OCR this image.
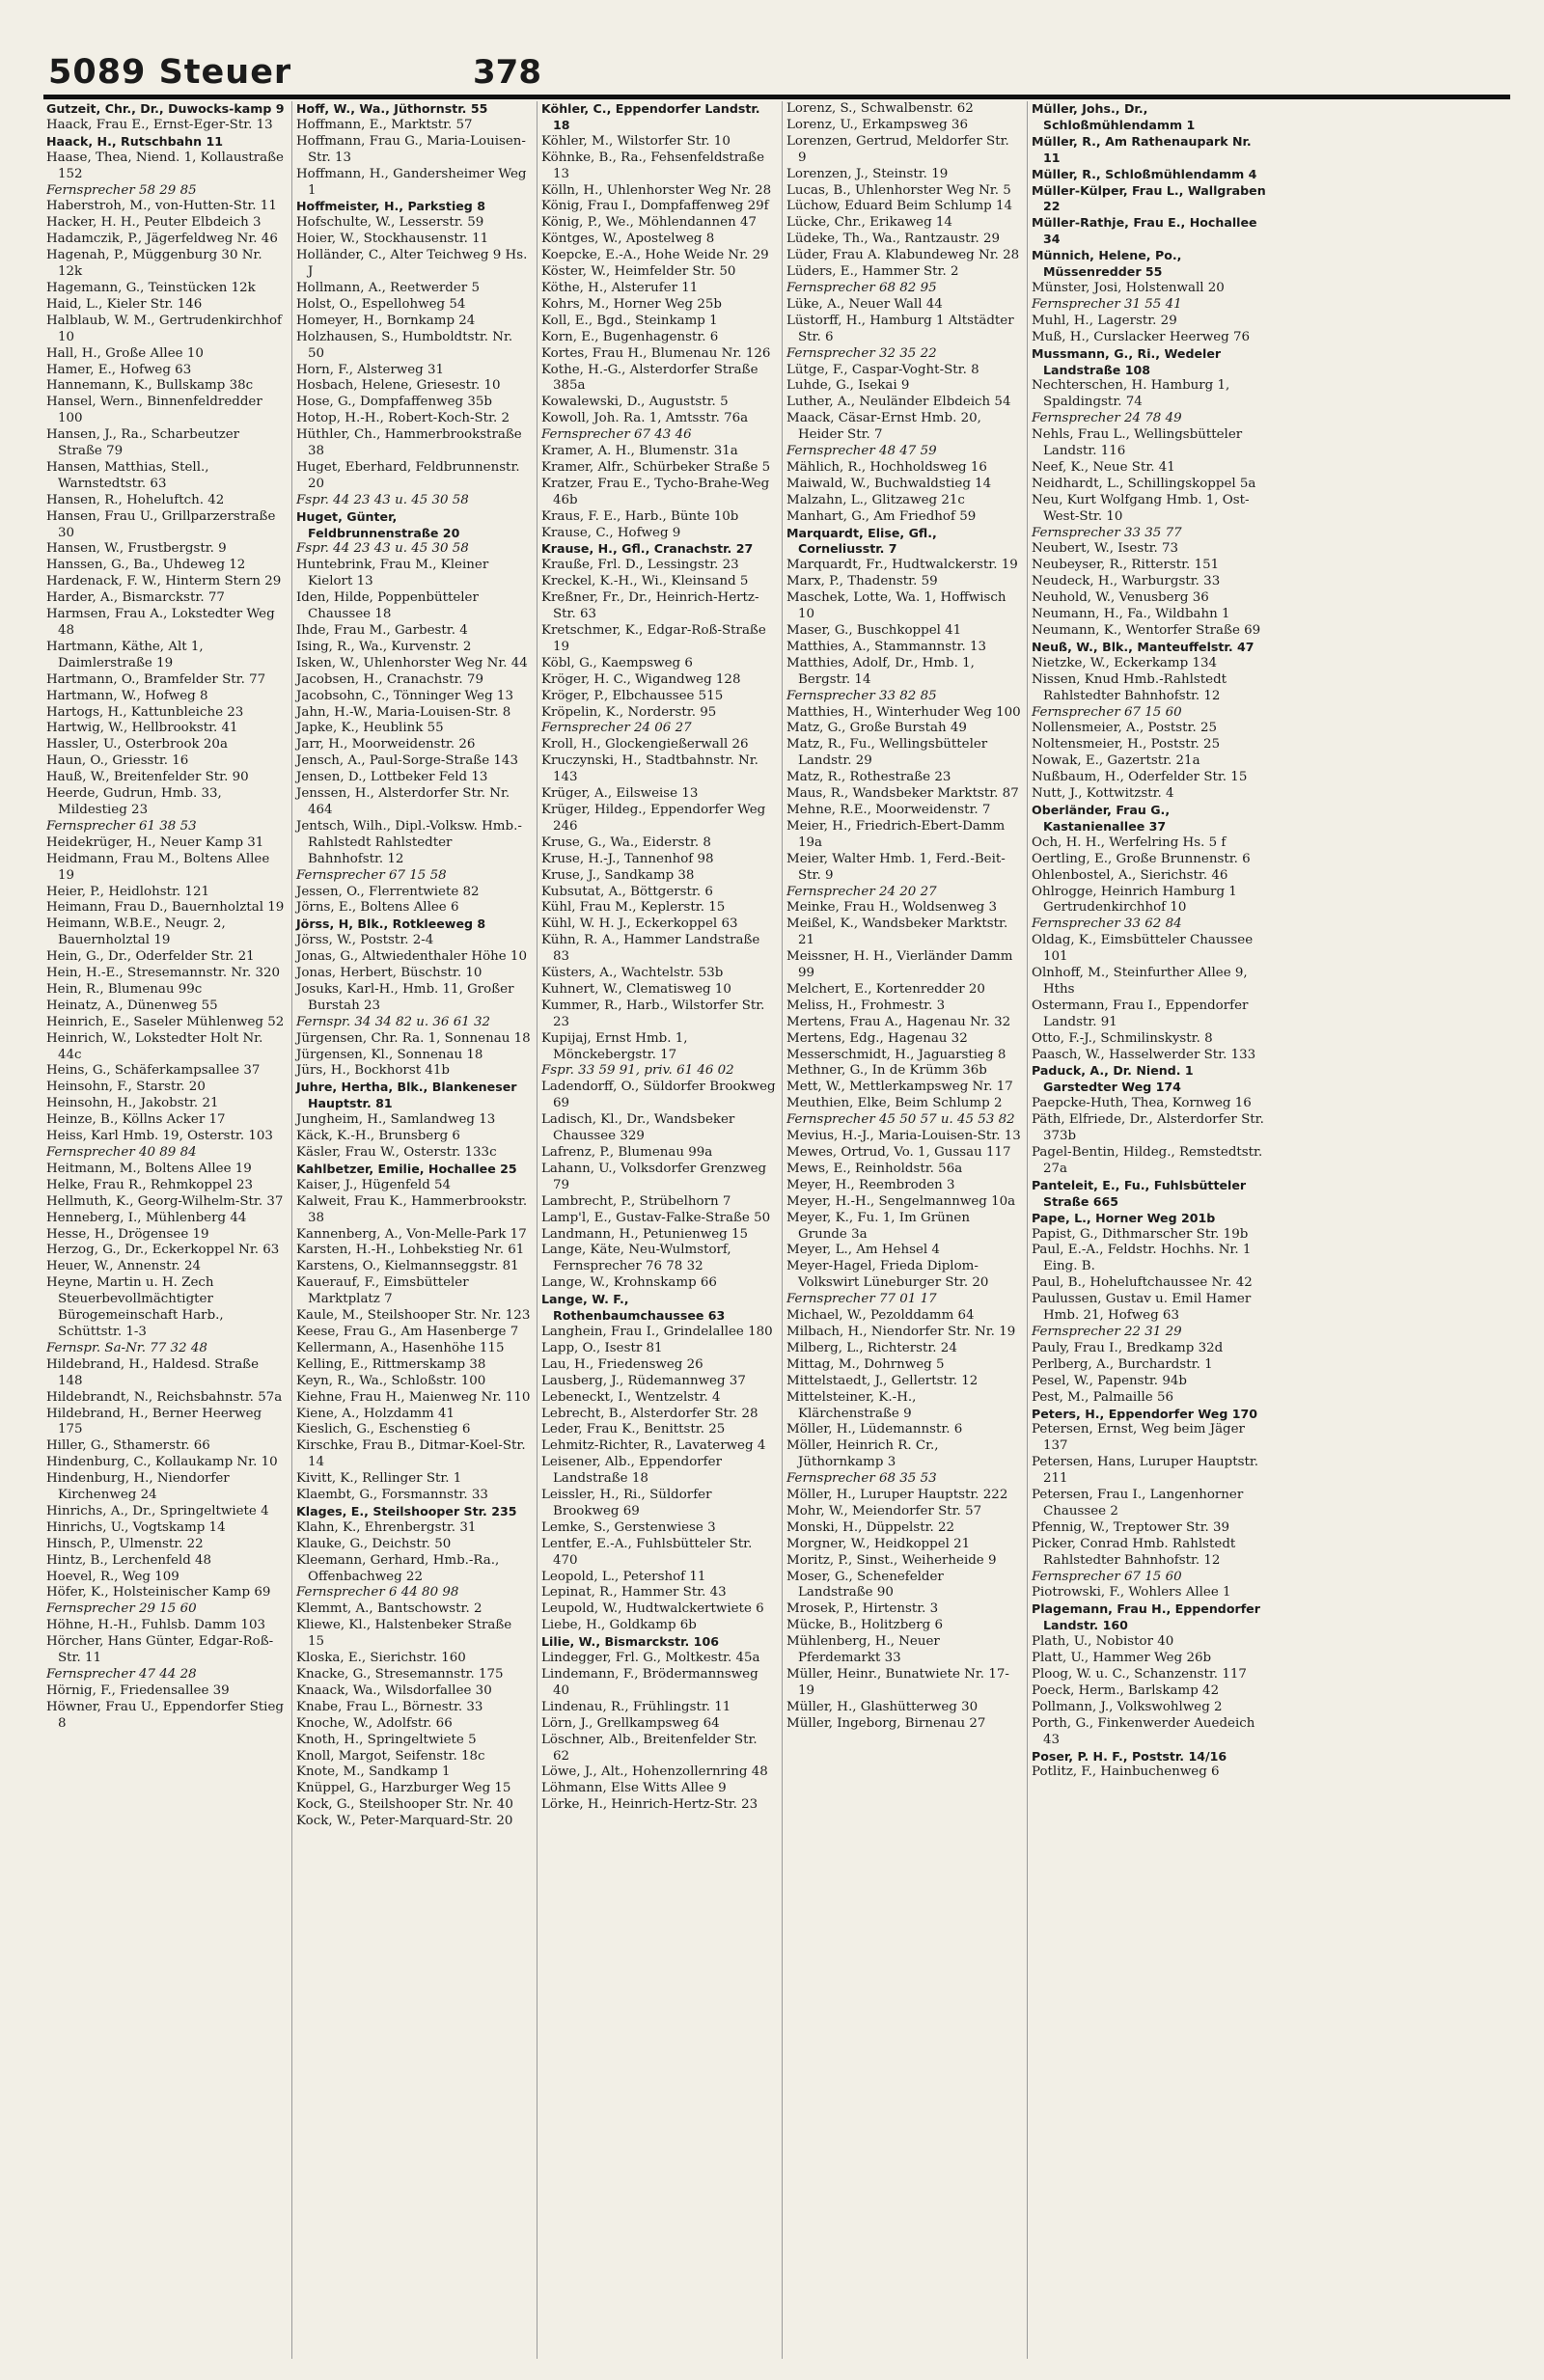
5089 Steuer	378
Gutzeit, Chr., Dr., Duwocks-kamp 9
Haack, Frau E., Ernst-Eger-Str. 13
Haack, H., Rutschbahn 11
Haase, Thea, Niend. 1, Kollaustraße 152
Fernsprecher 58 29 85
Haberstroh, M., von-Hutten-Str. 11
Hacker, H. H., Peuter Elbdeich 3
Hadamczik, P., Jägerfeldweg Nr. 46
Hagenah, P., Müggenburg 30 Nr. 12k
Hagemann, G., Teinstücken 12k
Haid, L., Kieler Str. 146
Halblaub, W. M., Gertrudenkirchhof 10
Hall, H., Große Allee 10
Hamer, E., Hofweg 63
Hannemann, K., Bullskamp 38c
Hansel, Wern., Binnenfeldredder 100
Hansen, J., Ra., Scharbeutzer Straße 79
Hansen, Matthias, Stell., Warnstedtstr. 63
Hansen, R., Hoheluftch. 42
Hansen, Frau U., Grillparzerstraße 30
Hansen, W., Frustbergstr. 9
Hanssen, G., Ba., Uhdeweg 12
Hardenack, F. W., Hinterm Stern 29
Harder, A., Bismarckstr. 77
Harmsen, Frau A., Lokstedter Weg 48
Hartmann, Käthe, Alt 1, Daimlerstraße 19
Hartmann, O., Bramfelder Str. 77
Hartmann, W., Hofweg 8
Hartogs, H., Kattunbleiche 23
Hartwig, W., Hellbrookstr. 41
Hassler, U., Osterbrook 20a
Haun, O., Griesstr. 16
Hauß, W., Breitenfelder Str. 90
Heerde, Gudrun, Hmb. 33, Mildestieg 23
Fernsprecher 61 38 53
Heidekrüger, H., Neuer Kamp 31
Heidmann, Frau M., Boltens Allee 19
Heier, P., Heidlohstr. 121
Heimann, Frau D., Bauernholztal 19
Heimann, W.B.E., Neugr. 2, Bauernholztal 19
Hein, G., Dr., Oderfelder Str. 21
Hein, H.-E., Stresemannstr. Nr. 320
Hein, R., Blumenau 99c
Heinatz, A., Dünenweg 55
Heinrich, E., Saseler Mühlenweg 52
Heinrich, W., Lokstedter Holt Nr. 44c
Heins, G., Schäferkampsallee 37
Heinsohn, F., Starstr. 20
Heinsohn, H., Jakobstr. 21
Heinze, B., Köllns Acker 17
Heiss, Karl Hmb. 19, Osterstr. 103
Fernsprecher 40 89 84
Heitmann, M., Boltens Allee 19
Helke, Frau R., Rehmkoppel 23
Hellmuth, K., Georg-Wilhelm-Str. 37
Henneberg, I., Mühlenberg 44
Hesse, H., Drögensee 19
Herzog, G., Dr., Eckerkoppel Nr. 63
Heuer, W., Annenstr. 24
Heyne, Martin u. H. Zech Steuerbevollmächtigter Bürogemeinschaft Harb., Schüttstr. 1-3
Fernspr. Sa-Nr. 77 32 48
Hildebrand, H., Haldesd. Straße 148
Hildebrandt, N., Reichsbahnstr. 57a
Hildebrand, H., Berner Heerweg 175
Hiller, G., Sthamerstr. 66
Hindenburg, C., Kollaukamp Nr. 10
Hindenburg, H., Niendorfer Kirchenweg 24
Hinrichs, A., Dr., Springeltwiete 4
Hinrichs, U., Vogtskamp 14
Hinsch, P., Ulmenstr. 22
Hintz, B., Lerchenfeld 48
Hoevel, R., Weg 109
Höfer, K., Holsteinischer Kamp 69
Fernsprecher 29 15 60
Höhne, H.-H., Fuhlsb. Damm 103
Hörcher, Hans Günter, Edgar-Roß-Str. 11
Fernsprecher 47 44 28
Hörnig, F., Friedensallee 39
Höwner, Frau U., Eppendorfer Stieg 8
Hoff, W., Wa., Jüthornstr. 55
Hoffmann, E., Marktstr. 57
Hoffmann, Frau G., Maria-Louisen-Str. 13
Hoffmann, H., Gandersheimer Weg 1
Hoffmeister, H., Parkstieg 8
Hofschulte, W., Lesserstr. 59
Hoier, W., Stockhausenstr. 11
Holländer, C., Alter Teichweg 9 Hs. J
Hollmann, A., Reetwerder 5
Holst, O., Espellohweg 54
Homeyer, H., Bornkamp 24
Holzhausen, S., Humboldtstr. Nr. 50
Horn, F., Alsterweg 31
Hosbach, Helene, Griesestr. 10
Hose, G., Dompfaffenweg 35b
Hotop, H.-H., Robert-Koch-Str. 2
Hüthler, Ch., Hammerbrookstraße 38
Huget, Eberhard, Feldbrunnenstr. 20
Fspr. 44 23 43 u. 45 30 58
Huget, Günter, Feldbrunnenstraße 20
Fspr. 44 23 43 u. 45 30 58
Huntebrink, Frau M., Kleiner Kielort 13
Iden, Hilde, Poppenbütteler Chaussee 18
Ihde, Frau M., Garbestr. 4
Ising, R., Wa., Kurvenstr. 2
Isken, W., Uhlenhorster Weg Nr. 44
Jacobsen, H., Cranachstr. 79
Jacobsohn, C., Tönninger Weg 13
Jahn, H.-W., Maria-Louisen-Str. 8
Japke, K., Heublink 55
Jarr, H., Moorweidenstr. 26
Jensch, A., Paul-Sorge-Straße 143
Jensen, D., Lottbeker Feld 13
Jenssen, H., Alsterdorfer Str. Nr. 464
Jentsch, Wilh., Dipl.-Volksw. Hmb.-Rahlstedt Rahlstedter Bahnhofstr. 12
Fernsprecher 67 15 58
Jessen, O., Flerrentwiete 82
Jörns, E., Boltens Allee 6
Jörss, H, Blk., Rotkleeweg 8
Jörss, W., Poststr. 2-4
Jonas, G., Altwiedenthaler Höhe 10
Jonas, Herbert, Büschstr. 10
Josuks, Karl-H., Hmb. 11, Großer Burstah 23
Fernspr. 34 34 82 u. 36 61 32
Jürgensen, Chr. Ra. 1, Sonnenau 18
Jürgensen, Kl., Sonnenau 18
Jürs, H., Bockhorst 41b
Juhre, Hertha, Blk., Blankeneser Hauptstr. 81
Jungheim, H., Samlandweg 13
Käck, K.-H., Brunsberg 6
Käsler, Frau W., Osterstr. 133c
Kahlbetzer, Emilie, Hochallee 25
Kaiser, J., Hügenfeld 54
Kalweit, Frau K., Hammerbrookstr. 38
Kannenberg, A., Von-Melle-Park 17
Karsten, H.-H., Lohbekstieg Nr. 61
Karstens, O., Kielmannseggstr. 81
Kauerauf, F., Eimsbütteler Marktplatz 7
Kaule, M., Steilshooper Str. Nr. 123
Keese, Frau G., Am Hasenberge 7
Kellermann, A., Hasenhöhe 115
Kelling, E., Rittmerskamp 38
Keyn, R., Wa., Schloßstr. 100
Kiehne, Frau H., Maienweg Nr. 110
Kiene, A., Holzdamm 41
Kieslich, G., Eschenstieg 6
Kirschke, Frau B., Ditmar-Koel-Str. 14
Kivitt, K., Rellinger Str. 1
Klaembt, G., Forsmannstr. 33
Klages, E., Steilshooper Str. 235
Klahn, K., Ehrenbergstr. 31
Klauke, G., Deichstr. 50
Kleemann, Gerhard, Hmb.-Ra., Offenbachweg 22
Fernsprecher 6 44 80 98
Klemmt, A., Bantschowstr. 2
Kliewe, Kl., Halstenbeker Straße 15
Kloska, E., Sierichstr. 160
Knacke, G., Stresemannstr. 175
Knaack, Wa., Wilsdorfallee 30
Knabe, Frau L., Börnestr. 33
Knoche, W., Adolfstr. 66
Knoth, H., Springeltwiete 5
Knoll, Margot, Seifenstr. 18c
Knote, M., Sandkamp 1
Knüppel, G., Harzburger Weg 15
Kock, G., Steilshooper Str. Nr. 40
Kock, W., Peter-Marquard-Str. 20
Köhler, C., Eppendorfer Landstr. 18
Köhler, M., Wilstorfer Str. 10
Köhnke, B., Ra., Fehsenfeldstraße 13
Kölln, H., Uhlenhorster Weg Nr. 28
König, Frau I., Dompfaffenweg 29f
König, P., We., Möhlendannen 47
Köntges, W., Apostelweg 8
Koepcke, E.-A., Hohe Weide Nr. 29
Köster, W., Heimfelder Str. 50
Köthe, H., Alsterufer 11
Kohrs, M., Horner Weg 25b
Koll, E., Bgd., Steinkamp 1
Korn, E., Bugenhagenstr. 6
Kortes, Frau H., Blumenau Nr. 126
Kothe, H.-G., Alsterdorfer Straße 385a
Kowalewski, D., Auguststr. 5
Kowoll, Joh. Ra. 1, Amtsstr. 76a
Fernsprecher 67 43 46
Kramer, A. H., Blumenstr. 31a
Kramer, Alfr., Schürbeker Straße 5
Kratzer, Frau E., Tycho-Brahe-Weg 46b
Kraus, F. E., Harb., Bünte 10b
Krause, C., Hofweg 9
Krause, H., Gfl., Cranachstr. 27
Krauße, Frl. D., Lessingstr. 23
Kreckel, K.-H., Wi., Kleinsand 5
Kreßner, Fr., Dr., Heinrich-Hertz-Str. 63
Kretschmer, K., Edgar-Roß-Straße 19
Köbl, G., Kaempsweg 6
Kröger, H. C., Wigandweg 128
Kröger, P., Elbchaussee 515
Kröpelin, K., Norderstr. 95
Fernsprecher 24 06 27
Kroll, H., Glockengießerwall 26
Kruczynski, H., Stadtbahnstr. Nr. 143
Krüger, A., Eilsweise 13
Krüger, Hildeg., Eppendorfer Weg 246
Kruse, G., Wa., Eiderstr. 8
Kruse, H.-J., Tannenhof 98
Kruse, J., Sandkamp 38
Kubsutat, A., Böttgerstr. 6
Kühl, Frau M., Keplerstr. 15
Kühl, W. H. J., Eckerkoppel 63
Kühn, R. A., Hammer Landstraße 83
Küsters, A., Wachtelstr. 53b
Kuhnert, W., Clematisweg 10
Kummer, R., Harb., Wilstorfer Str. 23
Kupijaj, Ernst Hmb. 1, Mönckebergstr. 17
Fspr. 33 59 91, priv. 61 46 02
Ladendorff, O., Süldorfer Brookweg 69
Ladisch, Kl., Dr., Wandsbeker Chaussee 329
Lafrenz, P., Blumenau 99a
Lahann, U., Volksdorfer Grenzweg 79
Lambrecht, P., Strübelhorn 7
Lamp'l, E., Gustav-Falke-Straße 50
Landmann, H., Petunienweg 15
Lange, Käte, Neu-Wulmstorf, Fernsprecher 76 78 32
Lange, W., Krohnskamp 66
Lange, W. F., Rothenbaumchaussee 63
Langhein, Frau I., Grindelallee 180
Lapp, O., Isestr 81
Lau, H., Friedensweg 26
Lausberg, J., Rüdemannweg 37
Lebeneckt, I., Wentzelstr. 4
Lebrecht, B., Alsterdorfer Str. 28
Leder, Frau K., Benittstr. 25
Lehmitz-Richter, R., Lavaterweg 4
Leisener, Alb., Eppendorfer Landstraße 18
Leissler, H., Ri., Süldorfer Brookweg 69
Lemke, S., Gerstenwiese 3
Lentfer, E.-A., Fuhlsbütteler Str. 470
Leopold, L., Petershof 11
Lepinat, R., Hammer Str. 43
Leupold, W., Hudtwalckertwiete 6
Liebe, H., Goldkamp 6b
Lilie, W., Bismarckstr. 106
Lindegger, Frl. G., Moltkestr. 45a
Lindemann, F., Brödermannsweg 40
Lindenau, R., Frühlingstr. 11
Lörn, J., Grellkampsweg 64
Löschner, Alb., Breitenfelder Str. 62
Löwe, J., Alt., Hohenzollernring 48
Löhmann, Else Witts Allee 9
Lörke, H., Heinrich-Hertz-Str. 23
Lorenz, S., Schwalbenstr. 62
Lorenz, U., Erkampsweg 36
Lorenzen, Gertrud, Meldorfer Str. 9
Lorenzen, J., Steinstr. 19
Lucas, B., Uhlenhorster Weg Nr. 5
Lüchow, Eduard Beim Schlump 14
Lücke, Chr., Erikaweg 14
Lüdeke, Th., Wa., Rantzaustr. 29
Lüder, Frau A. Klabundeweg Nr. 28
Lüders, E., Hammer Str. 2
Fernsprecher 68 82 95
Lüke, A., Neuer Wall 44
Lüstorff, H., Hamburg 1 Altstädter Str. 6
Fernsprecher 32 35 22
Lütge, F., Caspar-Voght-Str. 8
Luhde, G., Isekai 9
Luther, A., Neuländer Elbdeich 54
Maack, Cäsar-Ernst Hmb. 20, Heider Str. 7
Fernsprecher 48 47 59
Mählich, R., Hochholdsweg 16
Maiwald, W., Buchwaldstieg 14
Malzahn, L., Glitzaweg 21c
Manhart, G., Am Friedhof 59
Marquardt, Elise, Gfl., Corneliusstr. 7
Marquardt, Fr., Hudtwalckerstr. 19
Marx, P., Thadenstr. 59
Maschek, Lotte, Wa. 1, Hoffwisch 10
Maser, G., Buschkoppel 41
Matthies, A., Stammannstr. 13
Matthies, Adolf, Dr., Hmb. 1, Bergstr. 14
Fernsprecher 33 82 85
Matthies, H., Winterhuder Weg 100
Matz, G., Große Burstah 49
Matz, R., Fu., Wellingsbütteler Landstr. 29
Matz, R., Rothestraße 23
Maus, R., Wandsbeker Marktstr. 87
Mehne, R.E., Moorweidenstr. 7
Meier, H., Friedrich-Ebert-Damm 19a
Meier, Walter Hmb. 1, Ferd.-Beit-Str. 9
Fernsprecher 24 20 27
Meinke, Frau H., Woldsenweg 3
Meißel, K., Wandsbeker Marktstr. 21
Meissner, H. H., Vierländer Damm 99
Melchert, E., Kortenredder 20
Meliss, H., Frohmestr. 3
Mertens, Frau A., Hagenau Nr. 32
Mertens, Edg., Hagenau 32
Messerschmidt, H., Jaguarstieg 8
Methner, G., In de Krümm 36b
Mett, W., Mettlerkampsweg Nr. 17
Meuthien, Elke, Beim Schlump 2
Fernsprecher 45 50 57 u. 45 53 82
Mevius, H.-J., Maria-Louisen-Str. 13
Mewes, Ortrud, Vo. 1, Gussau 117
Mews, E., Reinholdstr. 56a
Meyer, H., Reembroden 3
Meyer, H.-H., Sengelmannweg 10a
Meyer, K., Fu. 1, Im Grünen Grunde 3a
Meyer, L., Am Hehsel 4
Meyer-Hagel, Frieda Diplom-Volkswirt Lüneburger Str. 20
Fernsprecher 77 01 17
Michael, W., Pezolddamm 64
Milbach, H., Niendorfer Str. Nr. 19
Milberg, L., Richterstr. 24
Mittag, M., Dohrnweg 5
Mittelstaedt, J., Gellertstr. 12
Mittelsteiner, K.-H., Klärchenstraße 9
Möller, H., Lüdemannstr. 6
Möller, Heinrich R. Cr., Jüthornkamp 3
Fernsprecher 68 35 53
Möller, H., Luruper Hauptstr. 222
Mohr, W., Meiendorfer Str. 57
Monski, H., Düppelstr. 22
Morgner, W., Heidkoppel 21
Moritz, P., Sinst., Weiherheide 9
Moser, G., Schenefelder Landstraße 90
Mrosek, P., Hirtenstr. 3
Mücke, B., Holitzberg 6
Mühlenberg, H., Neuer Pferdemarkt 33
Müller, Heinr., Bunatwiete Nr. 17-19
Müller, H., Glashütterweg 30
Müller, Ingeborg, Birnenau 27
Müller, Johs., Dr., Schloßmühlendamm 1
Müller, R., Am Rathenaupark Nr. 11
Müller, R., Schloßmühlendamm 4
Müller-Külper, Frau L., Wallgraben 22
Müller-Rathje, Frau E., Hochallee 34
Münnich, Helene, Po., Müssenredder 55
Münster, Josi, Holstenwall 20
Fernsprecher 31 55 41
Muhl, H., Lagerstr. 29
Muß, H., Curslacker Heerweg 76
Mussmann, G., Ri., Wedeler Landstraße 108
Nechterschen, H. Hamburg 1, Spaldingstr. 74
Fernsprecher 24 78 49
Nehls, Frau L., Wellingsbütteler Landstr. 116
Neef, K., Neue Str. 41
Neidhardt, L., Schillingskoppel 5a
Neu, Kurt Wolfgang Hmb. 1, Ost-West-Str. 10
Fernsprecher 33 35 77
Neubert, W., Isestr. 73
Neubeyser, R., Ritterstr. 151
Neudeck, H., Warburgstr. 33
Neuhold, W., Venusberg 36
Neumann, H., Fa., Wildbahn 1
Neumann, K., Wentorfer Straße 69
Neuß, W., Blk., Manteuffelstr. 47
Nietzke, W., Eckerkamp 134
Nissen, Knud Hmb.-Rahlstedt Rahlstedter Bahnhofstr. 12
Fernsprecher 67 15 60
Nollensmeier, A., Poststr. 25
Noltensmeier, H., Poststr. 25
Nowak, E., Gazertstr. 21a
Nußbaum, H., Oderfelder Str. 15
Nutt, J., Kottwitzstr. 4
Oberländer, Frau G., Kastanienallee 37
Och, H. H., Werfelring Hs. 5 f
Oertling, E., Große Brunnenstr. 6
Ohlenbostel, A., Sierichstr. 46
Ohlrogge, Heinrich Hamburg 1 Gertrudenkirchhof 10
Fernsprecher 33 62 84
Oldag, K., Eimsbütteler Chaussee 101
Olnhoff, M., Steinfurther Allee 9, Hths
Ostermann, Frau I., Eppendorfer Landstr. 91
Otto, F.-J., Schmilinskystr. 8
Paasch, W., Hasselwerder Str. 133
Paduck, A., Dr. Niend. 1 Garstedter Weg 174
Paepcke-Huth, Thea, Kornweg 16
Päth, Elfriede, Dr., Alsterdorfer Str. 373b
Pagel-Bentin, Hildeg., Remstedtstr. 27a
Panteleit, E., Fu., Fuhlsbütteler Straße 665
Pape, L., Horner Weg 201b
Papist, G., Dithmarscher Str. 19b
Paul, E.-A., Feldstr. Hochhs. Nr. 1 Eing. B.
Paul, B., Hoheluftchaussee Nr. 42
Paulussen, Gustav u. Emil Hamer Hmb. 21, Hofweg 63
Fernsprecher 22 31 29
Pauly, Frau I., Bredkamp 32d
Perlberg, A., Burchardstr. 1
Pesel, W., Papenstr. 94b
Pest, M., Palmaille 56
Peters, H., Eppendorfer Weg 170
Petersen, Ernst, Weg beim Jäger 137
Petersen, Hans, Luruper Hauptstr. 211
Petersen, Frau I., Langenhorner Chaussee 2
Pfennig, W., Treptower Str. 39
Picker, Conrad Hmb. Rahlstedt Rahlstedter Bahnhofstr. 12
Fernsprecher 67 15 60
Piotrowski, F., Wohlers Allee 1
Plagemann, Frau H., Eppendorfer Landstr. 160
Plath, U., Nobistor 40
Platt, U., Hammer Weg 26b
Ploog, W. u. C., Schanzenstr. 117
Poeck, Herm., Barlskamp 42
Pollmann, J., Volkswohlweg 2
Porth, G., Finkenwerder Auedeich 43
Poser, P. H. F., Poststr. 14/16
Potlitz, F., Hainbuchenweg 6
